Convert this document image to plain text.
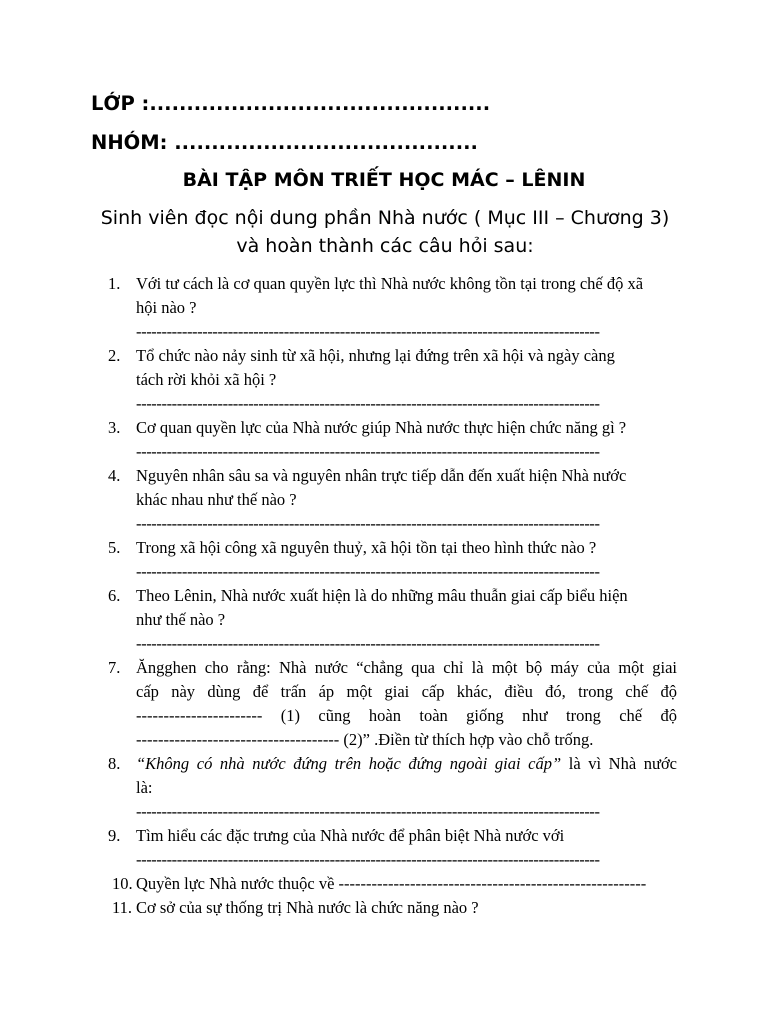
LỚP :..............................................
NHÓM: .........................................
BÀI TẬP MÔN TRIẾT HỌC MÁC – LÊNIN
Sinh viên đọc nội dung phần Nhà nước ( Mục III – Chương 3) và hoàn thành các câu hỏi sau:
1. Với tư cách là cơ quan quyền lực thì Nhà nước không tồn tại trong chế độ xã
hội nào ?
-------------------------------------------------------------------------------------------
2. Tổ chức nào nảy sinh từ xã hội, nhưng lại đứng trên xã hội và ngày càng
tách rời khỏi xã hội ?
-------------------------------------------------------------------------------------------
3. Cơ quan quyền lực của Nhà nước giúp Nhà nước thực hiện chức năng gì ?
-------------------------------------------------------------------------------------------
4. Nguyên nhân sâu sa và nguyên nhân trực tiếp dẫn đến xuất hiện Nhà nước
khác nhau như thế nào ?
-------------------------------------------------------------------------------------------
5. Trong xã hội công xã nguyên thuỷ, xã hội tồn tại theo hình thức nào ?
-------------------------------------------------------------------------------------------
6. Theo Lênin, Nhà nước xuất hiện là do những mâu thuẫn giai cấp biểu hiện
như thế nào ?
-------------------------------------------------------------------------------------------
7. Ăngghen cho rằng: Nhà nước “chẳng qua chỉ là một bộ máy của một giai
cấp này dùng để trấn áp một giai cấp khác, điều đó, trong chế độ
----------------------- (1) cũng hoàn toàn giống như trong chế độ
------------------------------------- (2)” .Điền từ thích hợp vào chỗ trống.
8. “Không có nhà nước đứng trên hoặc đứng ngoài giai cấp” là vì Nhà nước
là:
-------------------------------------------------------------------------------------------
9. Tìm hiểu các đặc trưng của Nhà nước để phân biệt Nhà nước với
-------------------------------------------------------------------------------------------
10. Quyền lực Nhà nước thuộc về --------------------------------------------------------
11. Cơ sở của sự thống trị Nhà nước là chức năng nào ?
